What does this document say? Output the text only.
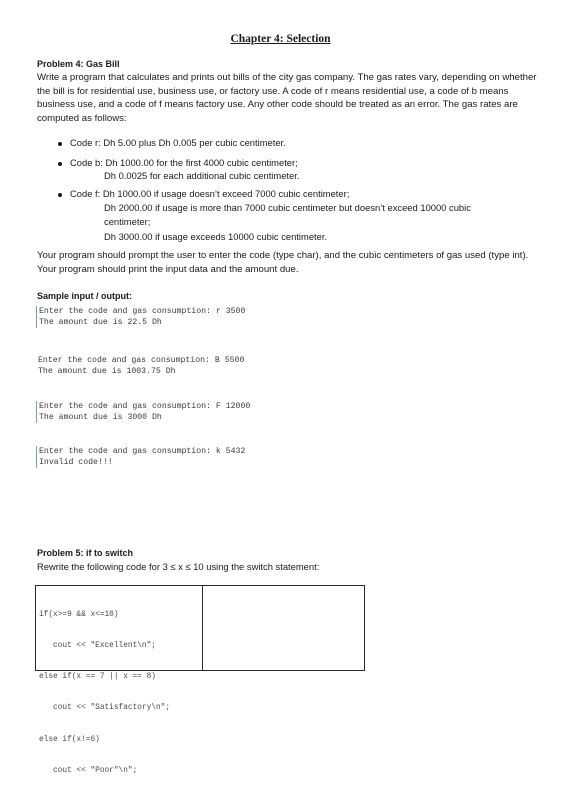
Chapter 4: Selection
Problem 4: Gas Bill
Write a program that calculates and prints out bills of the city gas company. The gas rates vary, depending on whether the bill is for residential use, business use, or factory use. A code of r means residential use, a code of b means business use, and a code of f means factory use. Any other code should be treated as an error. The gas rates are computed as follows:
Code r: Dh 5.00 plus Dh 0.005 per cubic centimeter.
Code b: Dh 1000.00 for the first 4000 cubic centimeter;
Dh 0.0025 for each additional cubic centimeter.
Code f: Dh 1000.00 if usage doesn’t exceed 7000 cubic centimeter;
Dh 2000.00 if usage is more than 7000 cubic centimeter but doesn’t exceed 10000 cubic
centimeter;
Dh 3000.00 if usage exceeds 10000 cubic centimeter.
Your program should prompt the user to enter the code (type char), and the cubic centimeters of gas used (type int). Your program should print the input data and the amount due.
Sample input / output:
Enter the code and gas consumption: r 3500
The amount due is 22.5 Dh
Enter the code and gas consumption: B 5500
The amount due is 1003.75 Dh
Enter the code and gas consumption: F 12000
The amount due is 3000 Dh
Enter the code and gas consumption: k 5432
Invalid code!!!
Problem 5: if to switch
Rewrite the following code for 3 ≤ x ≤ 10 using the switch statement:

if(x>=9 && x<=10)

cout << "Excellent\n";

else if(x == 7 || x == 8)

cout << "Satisfactory\n";

else if(x!=6)

cout << "Poor"\n";
